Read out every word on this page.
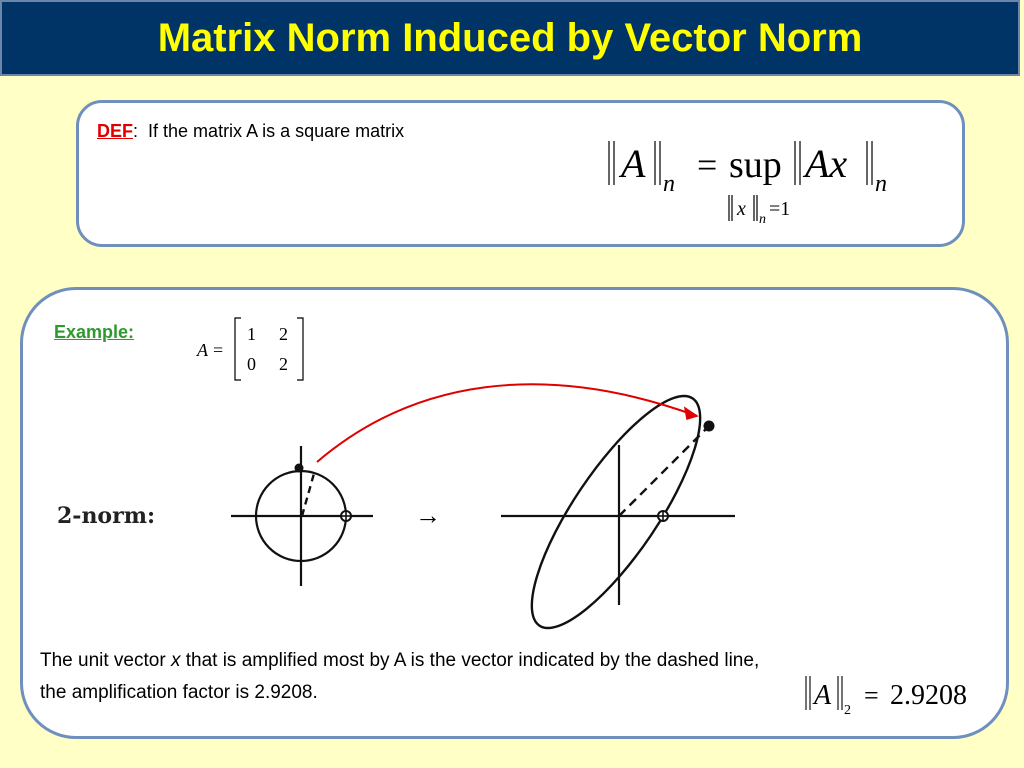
Matrix Norm Induced by Vector Norm
DEF: If the matrix A is a square matrix
A n = sup Ax n
x n =1
Example:
A =
1 2
0 2
2-norm:	→
The unit vector x that is amplified most by A is the vector indicated by the dashed line, the amplification factor is 2.9208.	A 2
= 2.9208
